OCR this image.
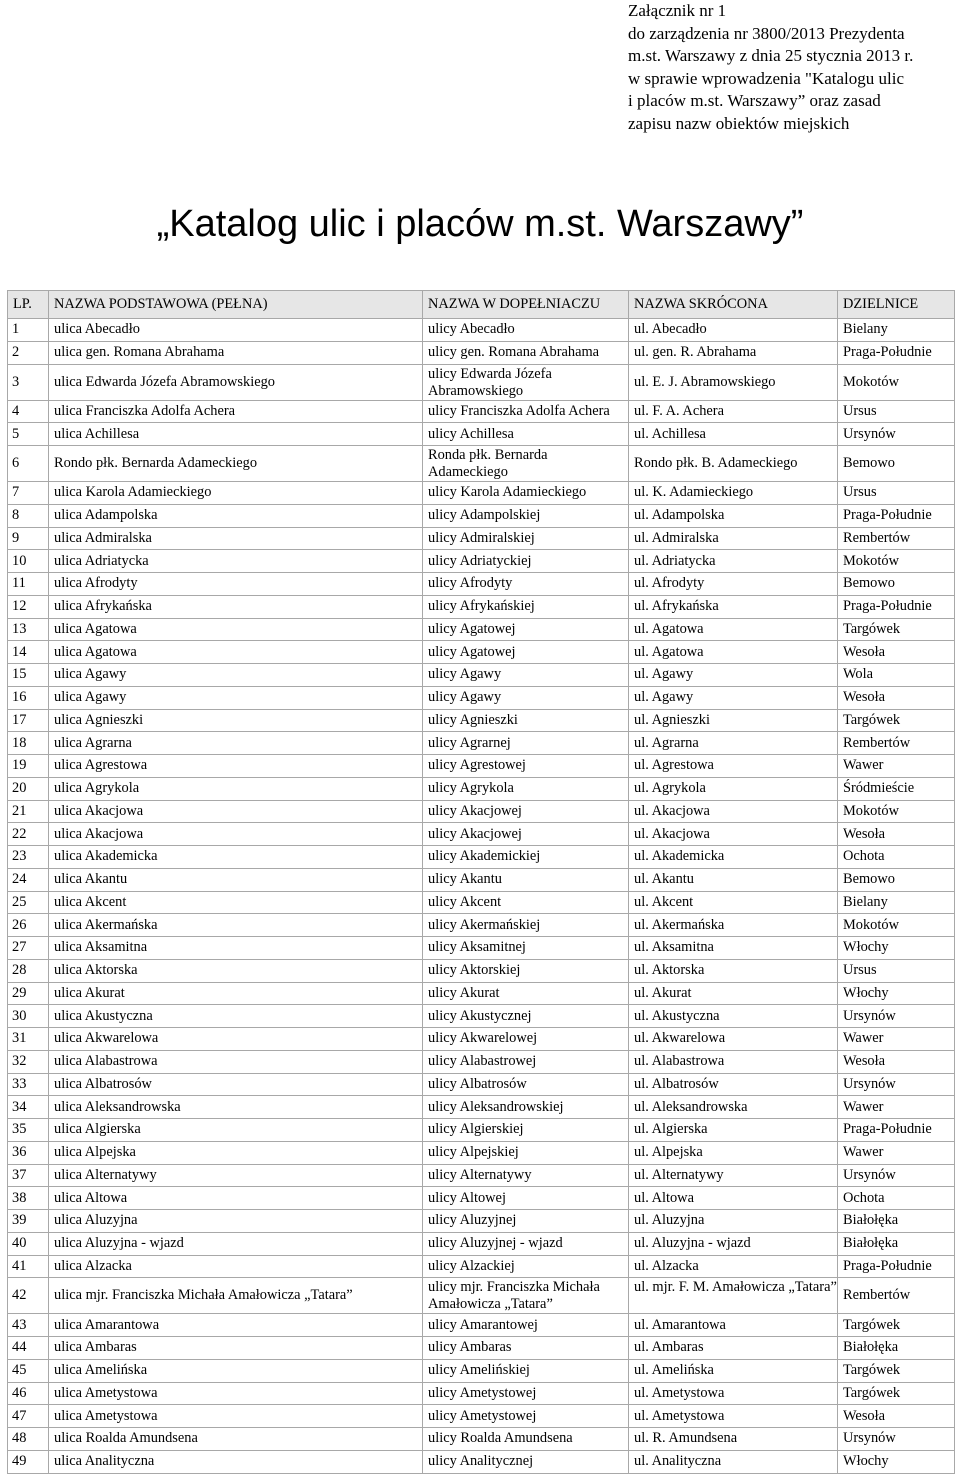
Załącznik nr 1
do zarządzenia nr 3800/2013 Prezydenta
m.st. Warszawy z dnia 25 stycznia 2013 r.
w sprawie wprowadzenia "Katalogu ulic
i placów m.st. Warszawy” oraz zasad
zapisu nazw obiektów miejskich
„Katalog ulic i placów m.st. Warszawy”
LP.	NAZWA PODSTAWOWA (PEŁNA)	NAZWA W DOPEŁNIACZU	NAZWA SKRÓCONA	DZIELNICE
1	ulica Abecadło	ulicy Abecadło	ul. Abecadło	Bielany
2	ulica gen. Romana Abrahama	ulicy gen. Romana Abrahama	ul. gen. R. Abrahama	Praga-Południe
3	ulica Edwarda Józefa Abramowskiego	ulicy Edwarda Józefa Abramowskiego	ul. E. J. Abramowskiego	Mokotów
4	ulica Franciszka Adolfa Achera	ulicy Franciszka Adolfa Achera	ul. F. A. Achera	Ursus
5	ulica Achillesa	ulicy Achillesa	ul. Achillesa	Ursynów
6	Rondo płk. Bernarda Adameckiego	Ronda płk. Bernarda Adameckiego	Rondo płk. B. Adameckiego	Bemowo
7	ulica Karola Adamieckiego	ulicy Karola Adamieckiego	ul. K. Adamieckiego	Ursus
8	ulica Adampolska	ulicy Adampolskiej	ul. Adampolska	Praga-Południe
9	ulica Admiralska	ulicy Admiralskiej	ul. Admiralska	Rembertów
10	ulica Adriatycka	ulicy Adriatyckiej	ul. Adriatycka	Mokotów
11	ulica Afrodyty	ulicy Afrodyty	ul. Afrodyty	Bemowo
12	ulica Afrykańska	ulicy Afrykańskiej	ul. Afrykańska	Praga-Południe
13	ulica Agatowa	ulicy Agatowej	ul. Agatowa	Targówek
14	ulica Agatowa	ulicy Agatowej	ul. Agatowa	Wesoła
15	ulica Agawy	ulicy Agawy	ul. Agawy	Wola
16	ulica Agawy	ulicy Agawy	ul. Agawy	Wesoła
17	ulica Agnieszki	ulicy Agnieszki	ul. Agnieszki	Targówek
18	ulica Agrarna	ulicy Agrarnej	ul. Agrarna	Rembertów
19	ulica Agrestowa	ulicy Agrestowej	ul. Agrestowa	Wawer
20	ulica Agrykola	ulicy Agrykola	ul. Agrykola	Śródmieście
21	ulica Akacjowa	ulicy Akacjowej	ul. Akacjowa	Mokotów
22	ulica Akacjowa	ulicy Akacjowej	ul. Akacjowa	Wesoła
23	ulica Akademicka	ulicy Akademickiej	ul. Akademicka	Ochota
24	ulica Akantu	ulicy Akantu	ul. Akantu	Bemowo
25	ulica Akcent	ulicy Akcent	ul. Akcent	Bielany
26	ulica Akermańska	ulicy Akermańskiej	ul. Akermańska	Mokotów
27	ulica Aksamitna	ulicy Aksamitnej	ul. Aksamitna	Włochy
28	ulica Aktorska	ulicy Aktorskiej	ul. Aktorska	Ursus
29	ulica Akurat	ulicy Akurat	ul. Akurat	Włochy
30	ulica Akustyczna	ulicy Akustycznej	ul. Akustyczna	Ursynów
31	ulica Akwarelowa	ulicy Akwarelowej	ul. Akwarelowa	Wawer
32	ulica Alabastrowa	ulicy Alabastrowej	ul. Alabastrowa	Wesoła
33	ulica Albatrosów	ulicy Albatrosów	ul. Albatrosów	Ursynów
34	ulica Aleksandrowska	ulicy Aleksandrowskiej	ul. Aleksandrowska	Wawer
35	ulica Algierska	ulicy Algierskiej	ul. Algierska	Praga-Południe
36	ulica Alpejska	ulicy Alpejskiej	ul. Alpejska	Wawer
37	ulica Alternatywy	ulicy Alternatywy	ul. Alternatywy	Ursynów
38	ulica Altowa	ulicy Altowej	ul. Altowa	Ochota
39	ulica Aluzyjna	ulicy Aluzyjnej	ul. Aluzyjna	Białołęka
40	ulica Aluzyjna - wjazd	ulicy Aluzyjnej - wjazd	ul. Aluzyjna - wjazd	Białołęka
41	ulica Alzacka	ulicy Alzackiej	ul. Alzacka	Praga-Południe
42	ulica mjr. Franciszka Michała Amałowicza „Tatara”	ulicy mjr. Franciszka Michała Amałowicza „Tatara”	ul. mjr. F. M. Amałowicza „Tatara”	Rembertów
43	ulica Amarantowa	ulicy Amarantowej	ul. Amarantowa	Targówek
44	ulica Ambaras	ulicy Ambaras	ul. Ambaras	Białołęka
45	ulica Amelińska	ulicy Amelińskiej	ul. Amelińska	Targówek
46	ulica Ametystowa	ulicy Ametystowej	ul. Ametystowa	Targówek
47	ulica Ametystowa	ulicy Ametystowej	ul. Ametystowa	Wesoła
48	ulica Roalda Amundsena	ulicy Roalda Amundsena	ul. R. Amundsena	Ursynów
49	ulica Analityczna	ulicy Analitycznej	ul. Analityczna	Włochy
